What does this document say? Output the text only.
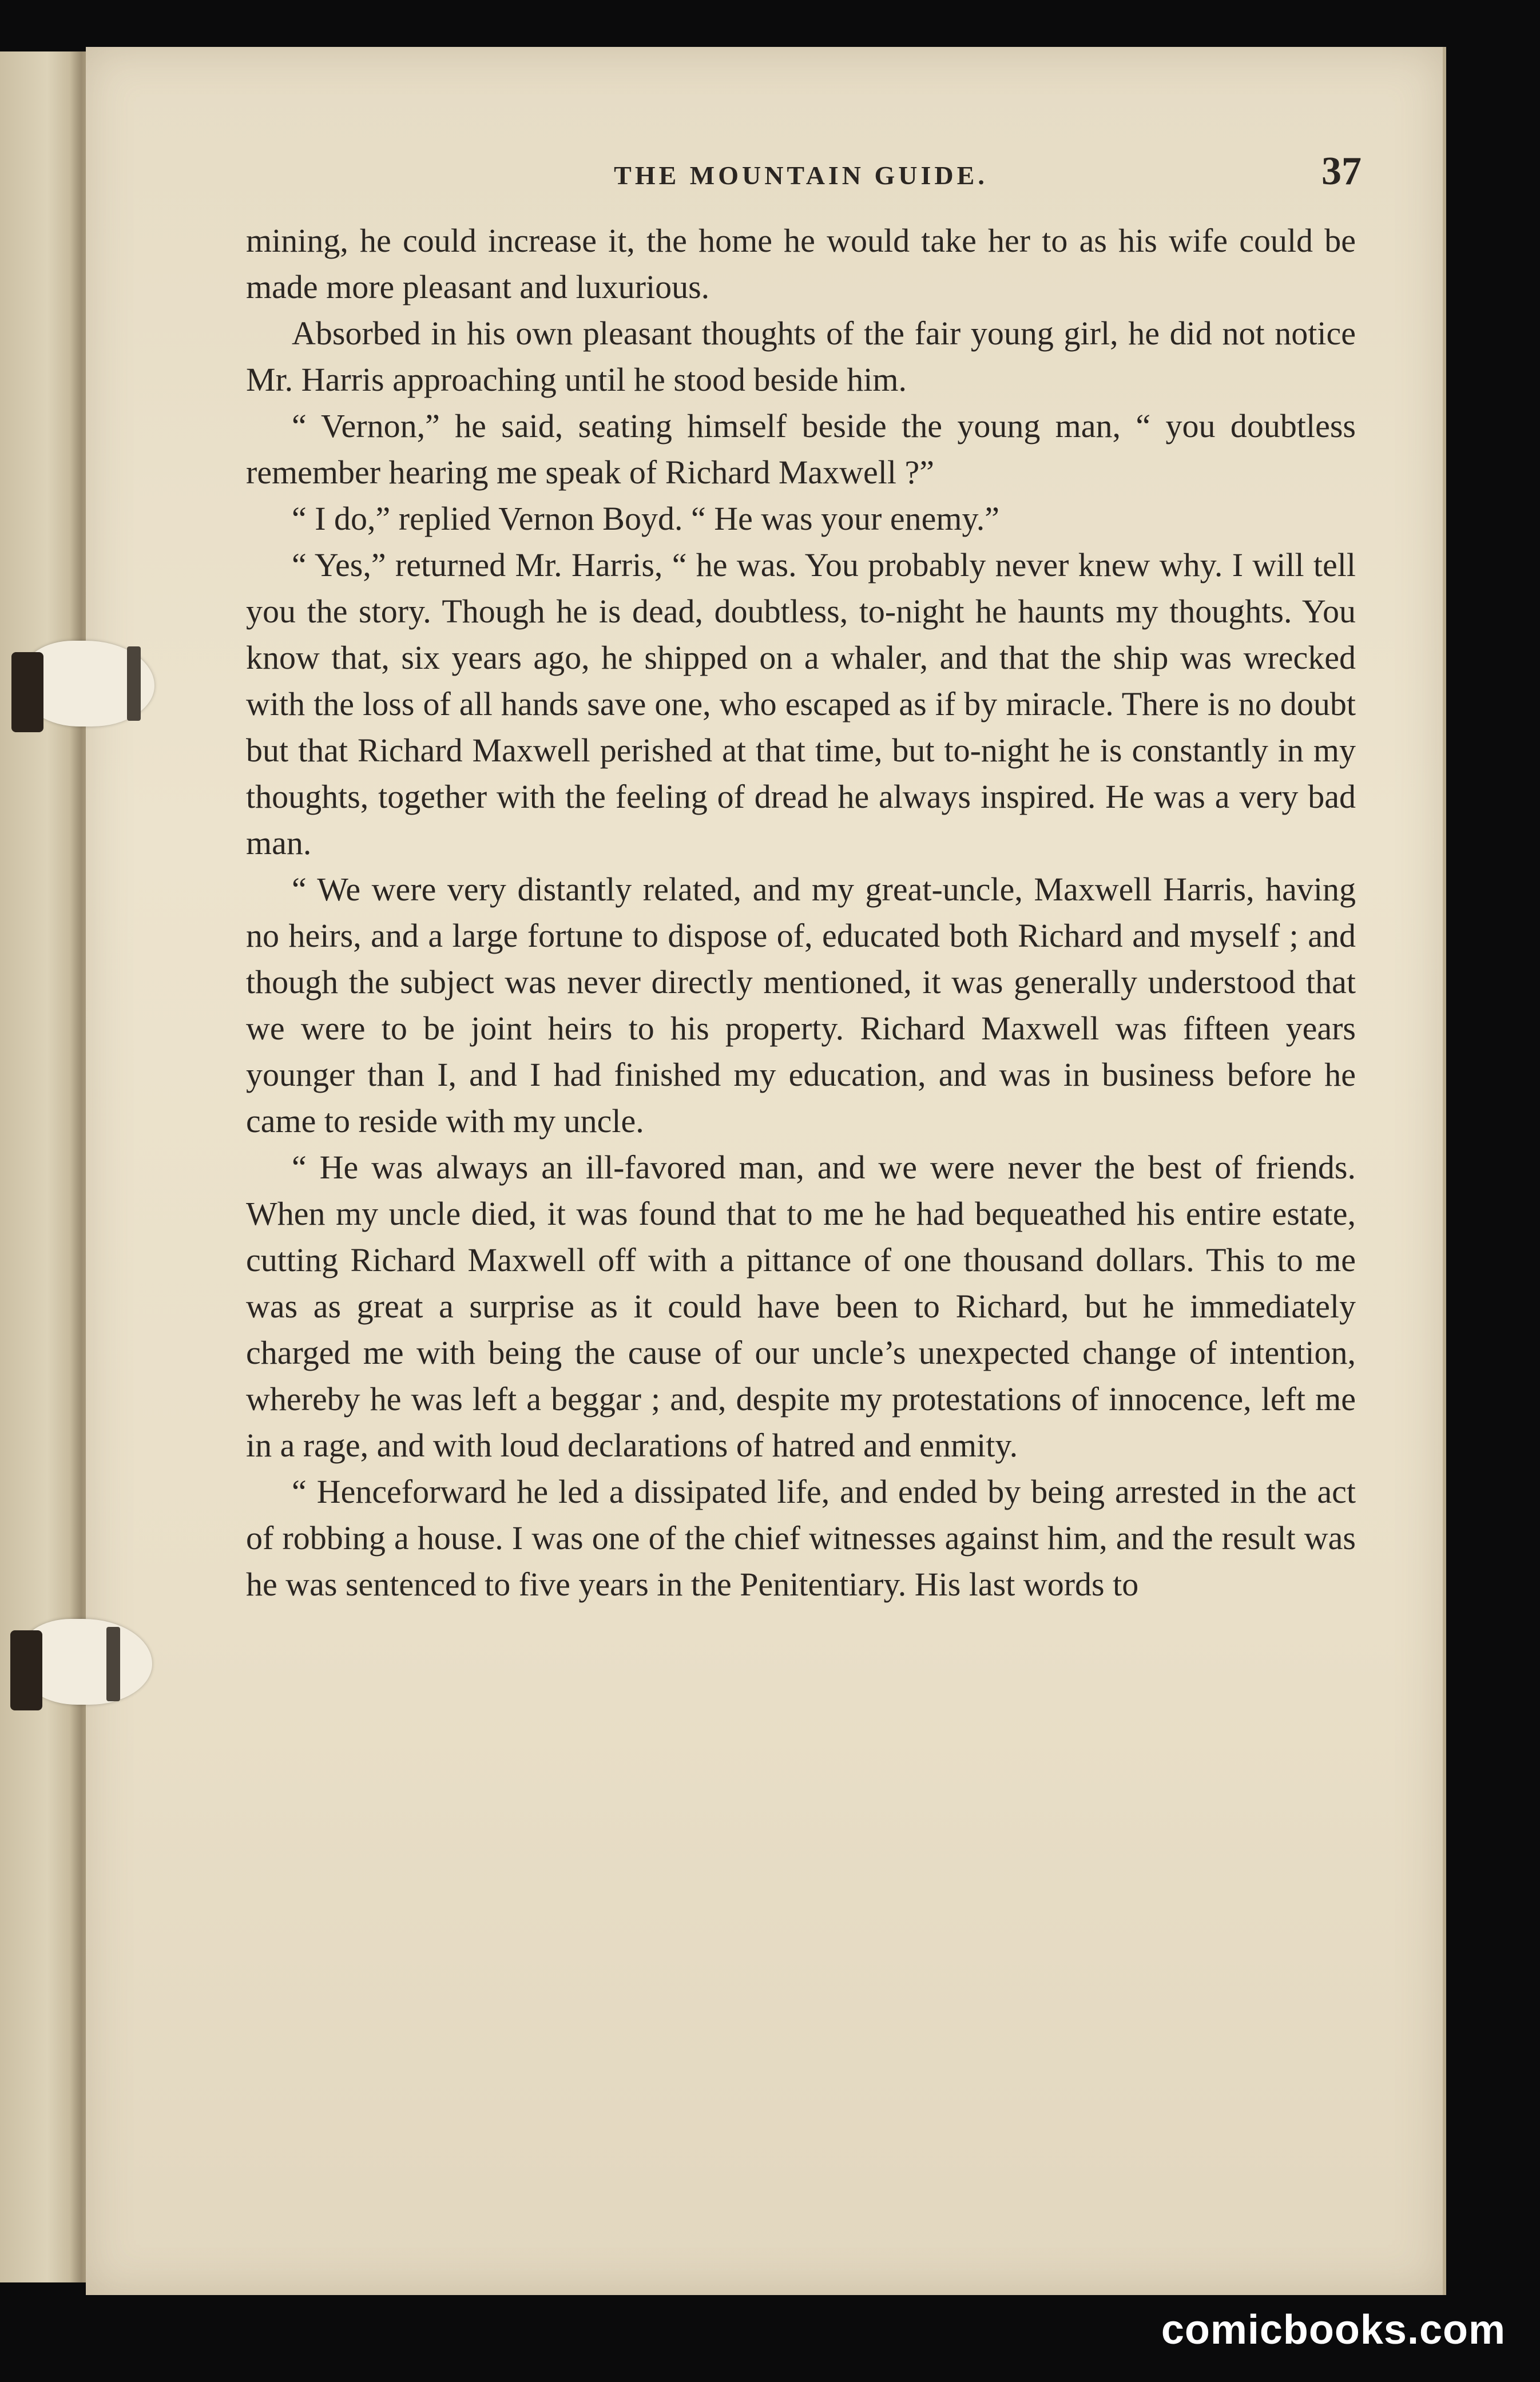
THE MOUNTAIN GUIDE.	37

mining, he could increase it, the home he would take her to as his wife could be made more pleasant and luxurious.

Absorbed in his own pleasant thoughts of the fair young girl, he did not notice Mr. Harris approaching until he stood beside him.

“ Vernon,” he said, seating himself beside the young man, “ you doubtless remember hearing me speak of Richard Maxwell ?”

“ I do,” replied Vernon Boyd. “ He was your enemy.”

“ Yes,” returned Mr. Harris, “ he was. You probably never knew why. I will tell you the story. Though he is dead, doubtless, to-night he haunts my thoughts. You know that, six years ago, he shipped on a whaler, and that the ship was wrecked with the loss of all hands save one, who escaped as if by miracle. There is no doubt but that Richard Maxwell perished at that time, but to-night he is constantly in my thoughts, together with the feeling of dread he always inspired. He was a very bad man.

“ We were very distantly related, and my great-uncle, Maxwell Harris, having no heirs, and a large fortune to dispose of, educated both Richard and myself ; and though the subject was never directly mentioned, it was generally understood that we were to be joint heirs to his property. Richard Maxwell was fifteen years younger than I, and I had finished my education, and was in business before he came to reside with my uncle.

“ He was always an ill-favored man, and we were never the best of friends. When my uncle died, it was found that to me he had bequeathed his entire estate, cutting Richard Maxwell off with a pittance of one thousand dollars. This to me was as great a surprise as it could have been to Richard, but he immediately charged me with being the cause of our uncle’s unexpected change of intention, whereby he was left a beggar ; and, despite my protestations of innocence, left me in a rage, and with loud declarations of hatred and enmity.

“ Henceforward he led a dissipated life, and ended by being arrested in the act of robbing a house. I was one of the chief witnesses against him, and the result was he was sentenced to five years in the Penitentiary. His last words to

comicbooks.com
